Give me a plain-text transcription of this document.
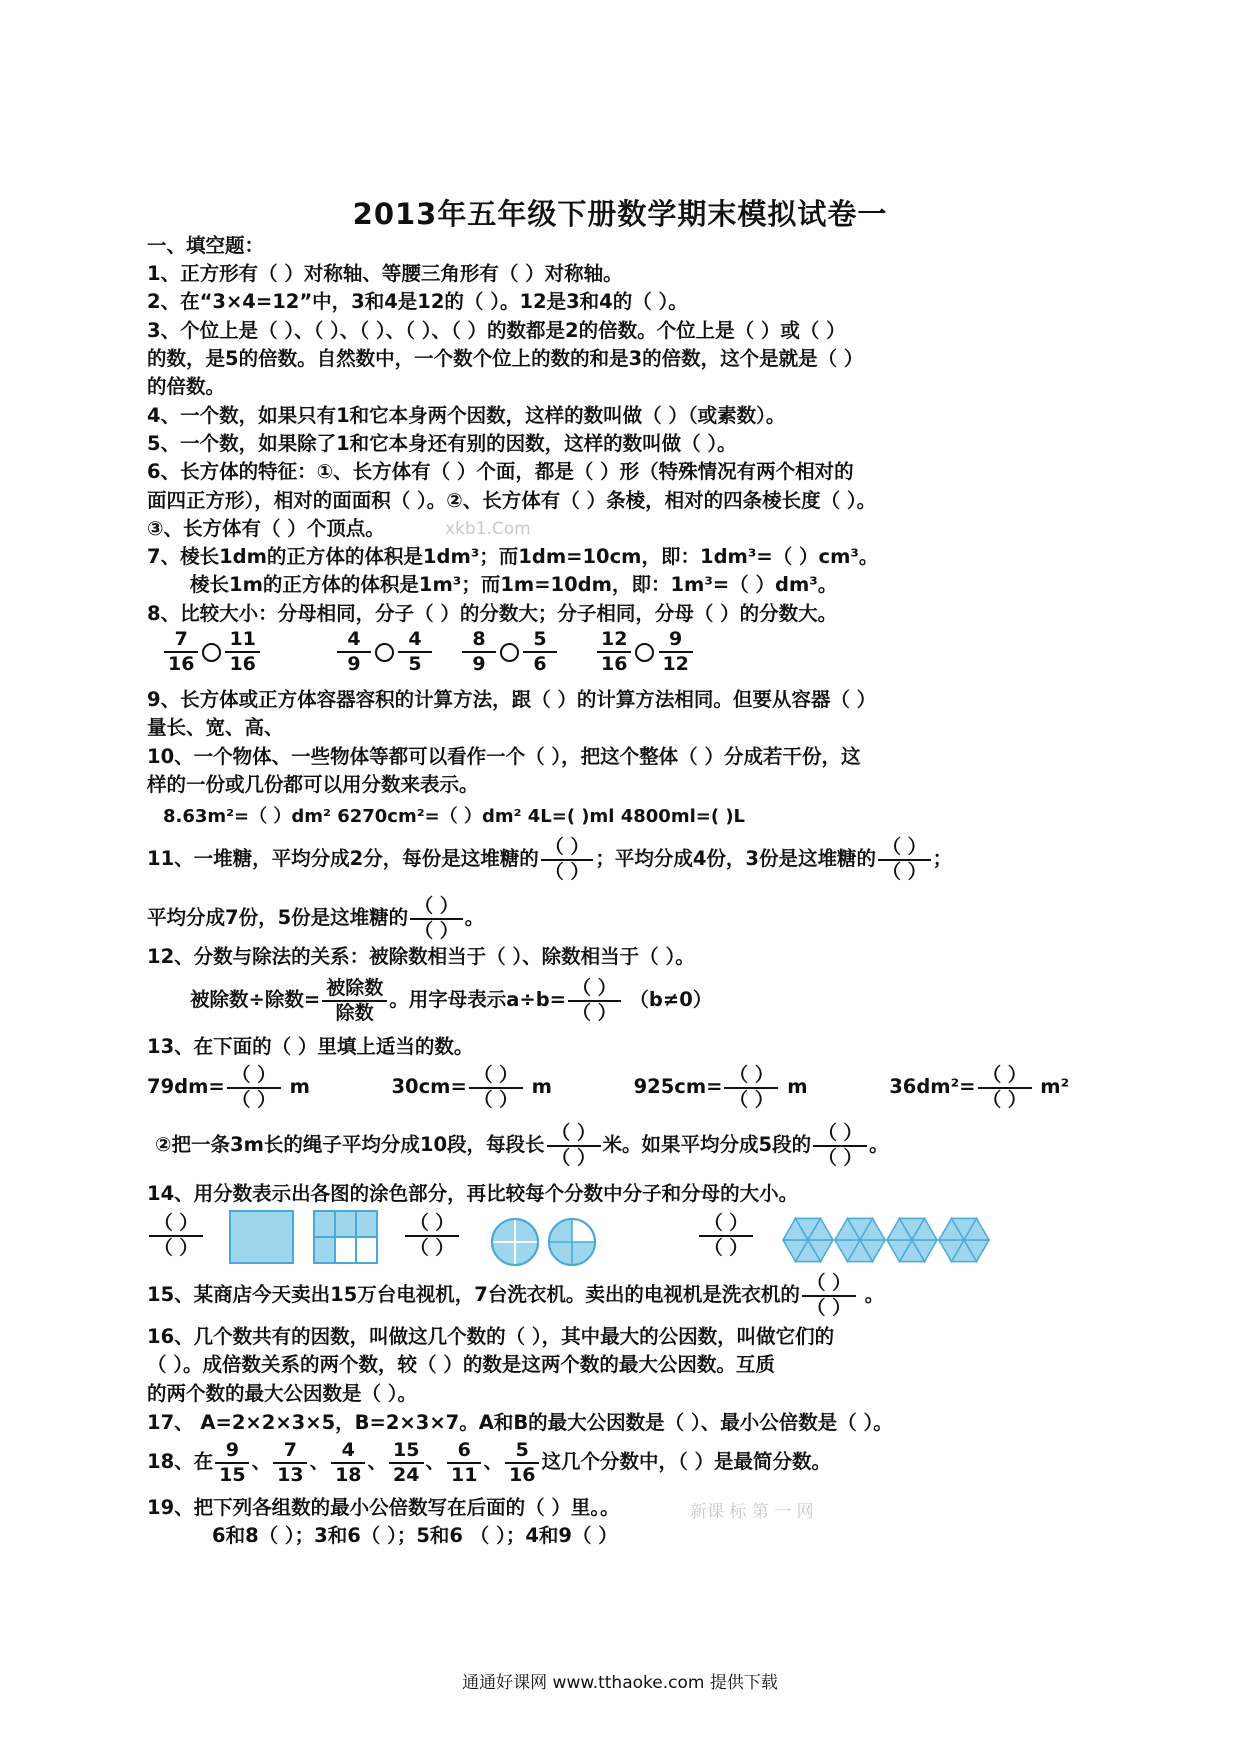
2013年五年级下册数学期末模拟试卷一
一、填空题：
1、正方形有（ ）对称轴、等腰三角形有（ ）对称轴。
2、在“3×4=12”中，3和4是12的（ ）。12是3和4的（ ）。
3、个位上是（ ）、（ ）、（ ）、（ ）、（ ）的数都是2的倍数。个位上是（ ）或（ ）
的数，是5的倍数。自然数中，一个数个位上的数的和是3的倍数，这个是就是（ ）
的倍数。
4、一个数，如果只有1和它本身两个因数，这样的数叫做（ ）（或素数）。
5、一个数，如果除了1和它本身还有别的因数，这样的数叫做（ ）。
6、长方体的特征：①、长方体有（ ）个面，都是（ ）形（特殊情况有两个相对的
面四正方形），相对的面面积（ ）。②、长方体有（ ）条棱，相对的四条棱长度（ ）。
③、长方体有（ ）个顶点。	xkb1.Com
7、棱长1dm的正方体的体积是1dm³；而1dm=10cm，即：1dm³=（ ）cm³。
棱长1m的正方体的体积是1m³；而1m=10dm，即：1m³=（ ）dm³。
8、比较大小：分母相同，分子（ ）的分数大；分子相同，分母（ ）的分数大。
$\frac{7}{16} \frac{11}{16}$	$\frac{4}{9} \frac{4}{5} \frac{8}{9} \frac{5}{6} \frac{12}{16} \frac{9}{12}$
9、长方体或正方体容器容积的计算方法，跟（ ）的计算方法相同。但要从容器（ ）
量长、宽、高、
10、一个物体、一些物体等都可以看作一个（ ），把这个整体（ ）分成若干份，这
样的一份或几份都可以用分数来表示。
8.63m²=（ ）dm² 6270cm²=（ ）dm² 4L=( )ml 4800ml=( )L
11、一堆糖，平均分成2分，每份是这堆糖的 $\frac{( )}{( )}$ ；平均分成4份，3份是这堆糖的 $\frac{( )}{( )}$ ；
平均分成7份，5份是这堆糖的 $\frac{( )}{( )}$ 。
12、分数与除法的关系：被除数相当于（ ）、除数相当于（ ）。
被除数÷除数= $\frac{\text{被除数}}{\text{除数}}$ 。用字母表示$a\div b= \frac{( )}{( )} (b\ne 0)$
13、在下面的（ ）里填上适当的数。
$79dm= \frac{( )}{( )}$ m	$30cm= \frac{( )}{( )}$ m	$925cm= \frac{( )}{( )}$ m	$36dm^2= \frac{( )}{( )} m^2$
②把一条3m长的绳子平均分成10段，每段长 $\frac{( )}{( )}$ 米。如果平均分成5段的 $\frac{( )}{( )}$ 。
14、用分数表示出各图的涂色部分，再比较每个分数中分子和分母的大小。
$\frac{( )}{( )}$	$\frac{( )}{( )}$	$\frac{( )}{( )}$
15、某商店今天卖出15万台电视机，7台洗衣机。卖出的电视机是洗衣机的 $\frac{( )}{( )}$ 。
16、几个数共有的因数，叫做这几个数的（ ），其中最大的公因数，叫做它们的
（ ）。成倍数关系的两个数，较（ ）的数是这两个数的最大公因数。互质
的两个数的最大公因数是（ ）。
17、 A=2×2×3×5，B=2×3×7。A和B的最大公因数是（ ）、最小公倍数是（ ）。
18、在 $\frac{9}{15}$ 、 $\frac{7}{13}$ 、 $\frac{4}{18}$ 、 $\frac{15}{24}$ 、 $\frac{6}{11}$ 、 $\frac{5}{16}$ 这几个分数中，（ ）是最简分数。
19、把下列各组数的最小公倍数写在后面的（ ）里。。	新课 标 第 一 网
6和8（ ）；3和6（ ）；5和6 （ ）；4和9（ ）
通通好课网 www.tthaoke.com 提供下载
